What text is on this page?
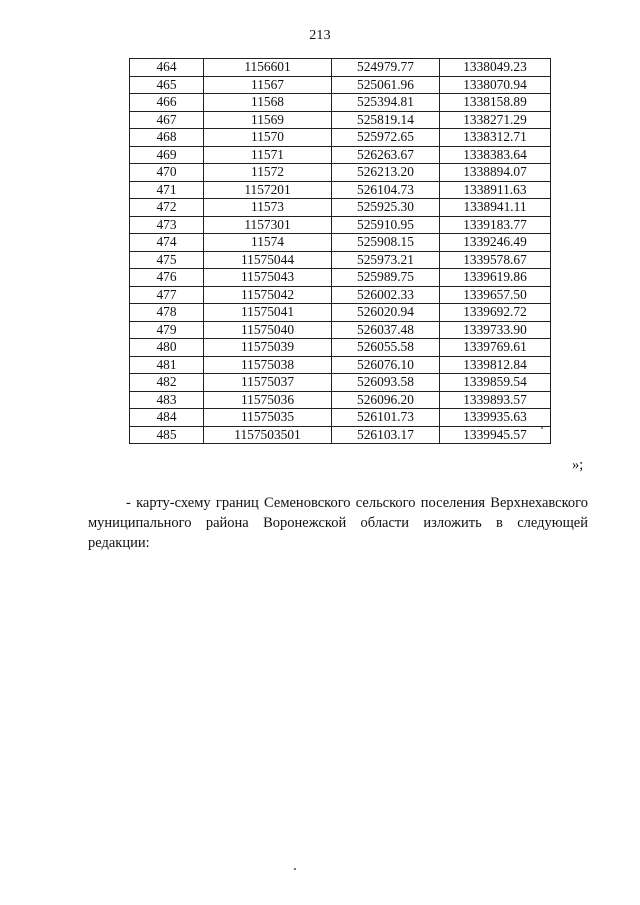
213
464	1156601	524979.77	1338049.23
465	11567	525061.96	1338070.94
466	11568	525394.81	1338158.89
467	11569	525819.14	1338271.29
468	11570	525972.65	1338312.71
469	11571	526263.67	1338383.64
470	11572	526213.20	1338894.07
471	1157201	526104.73	1338911.63
472	11573	525925.30	1338941.11
473	1157301	525910.95	1339183.77
474	11574	525908.15	1339246.49
475	11575044	525973.21	1339578.67
476	11575043	525989.75	1339619.86
477	11575042	526002.33	1339657.50
478	11575041	526020.94	1339692.72
479	11575040	526037.48	1339733.90
480	11575039	526055.58	1339769.61
481	11575038	526076.10	1339812.84
482	11575037	526093.58	1339859.54
483	11575036	526096.20	1339893.57
484	11575035	526101.73	1339935.63
485	1157503501	526103.17	1339945.57
»;

- карту-схему границ Семеновского сельского поселения Верхнехавского муниципального района Воронежской области изложить в следующей редакции:
